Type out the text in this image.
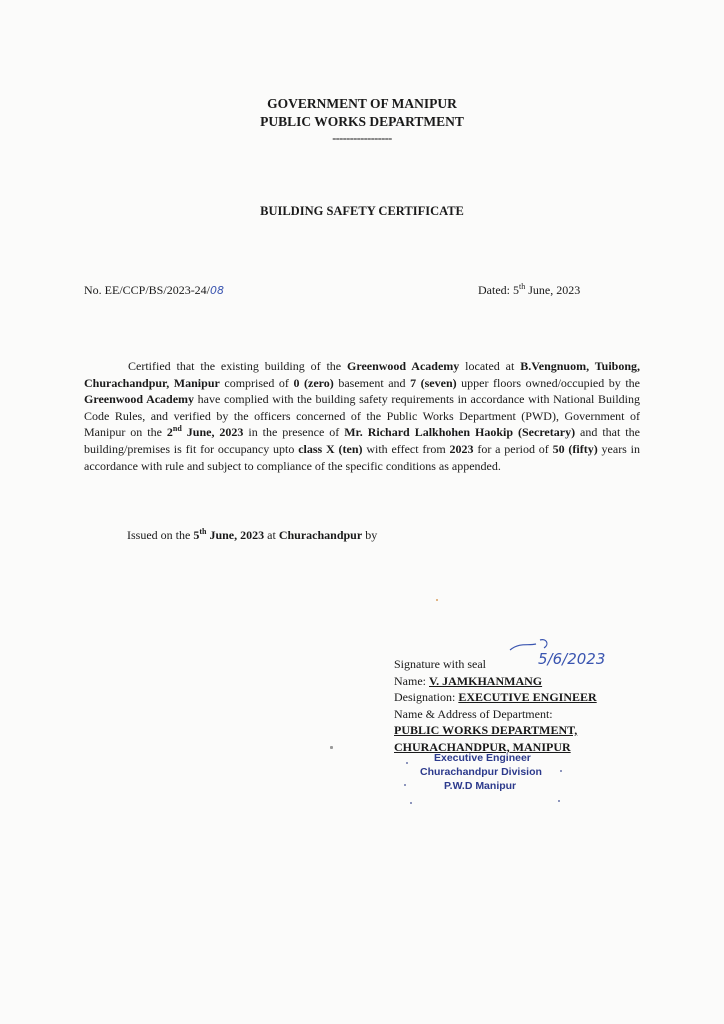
GOVERNMENT OF MANIPUR
PUBLIC WORKS DEPARTMENT
-----------------
BUILDING SAFETY CERTIFICATE
No. EE/CCP/BS/2023-24/08	Dated: 5th June, 2023
Certified that the existing building of the Greenwood Academy located at B.Vengnuom, Tuibong, Churachandpur, Manipur comprised of 0 (zero) basement and 7 (seven) upper floors owned/occupied by the Greenwood Academy have complied with the building safety requirements in accordance with National Building Code Rules, and verified by the officers concerned of the Public Works Department (PWD), Government of Manipur on the 2nd June, 2023 in the presence of Mr. Richard Lalkhohen Haokip (Secretary) and that the building/premises is fit for occupancy upto class X (ten) with effect from 2023 for a period of 50 (fifty) years in accordance with rule and subject to compliance of the specific conditions as appended.
Issued on the 5th June, 2023 at Churachandpur by
5/6/2023
Signature with seal
Name: V. JAMKHANMANG
Designation: EXECUTIVE ENGINEER
Name & Address of Department:
PUBLIC WORKS DEPARTMENT,
CHURACHANDPUR, MANIPUR
Executive Engineer
Churachandpur Division
P.W.D Manipur
